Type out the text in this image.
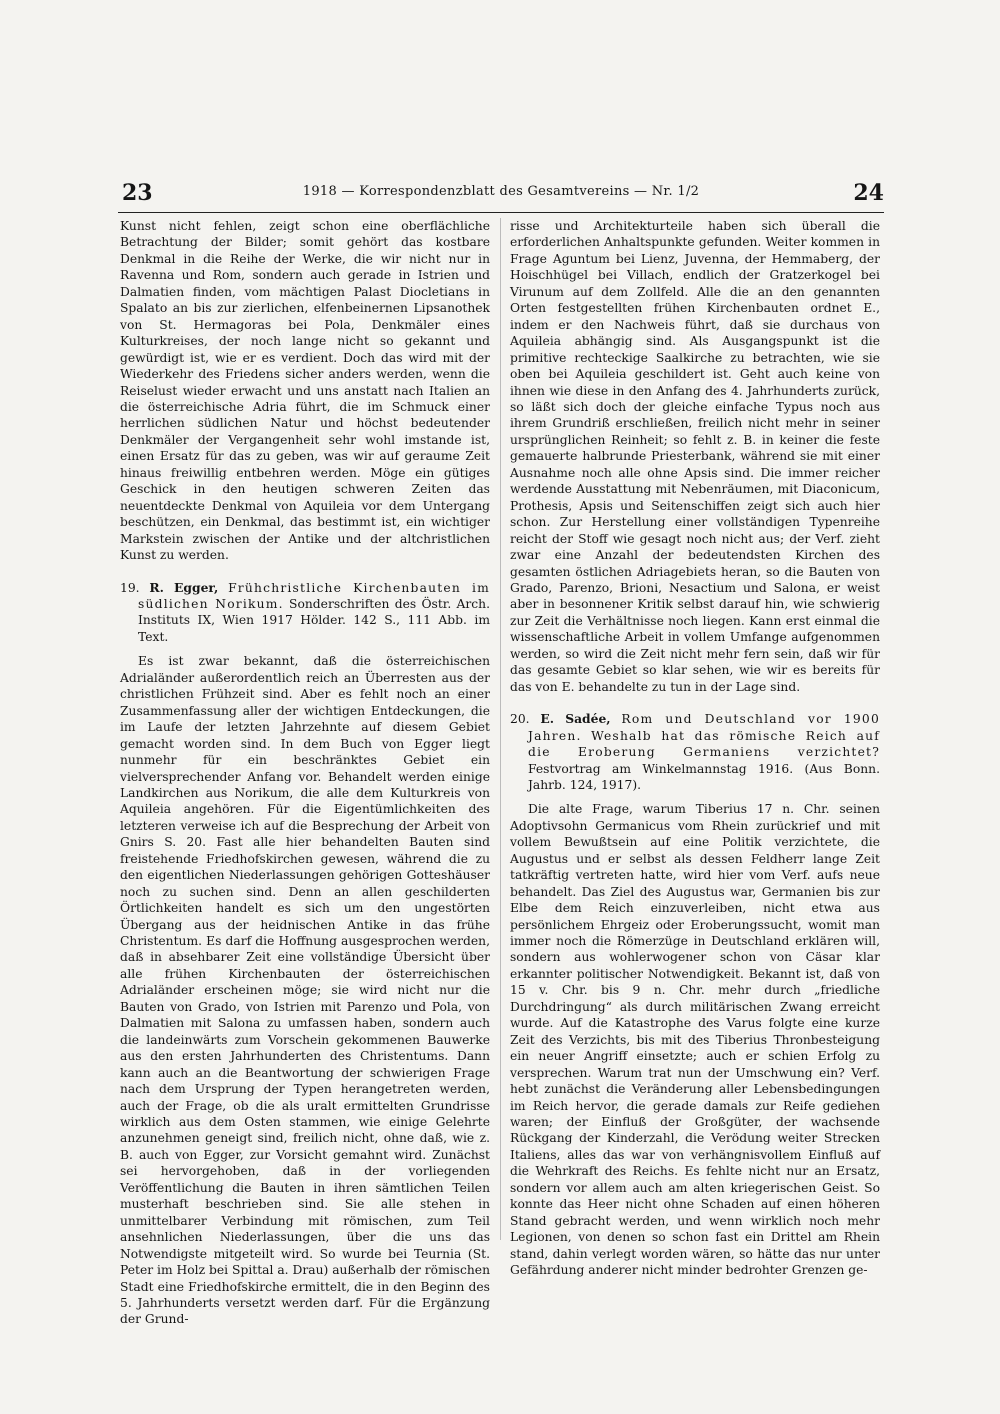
23	1918 — Korrespondenzblatt des Gesamtvereins — Nr. 1/2	24

Kunst nicht fehlen, zeigt schon eine oberflächliche Betrachtung der Bilder; somit gehört das kostbare Denkmal in die Reihe der Werke, die wir nicht nur in Ravenna und Rom, sondern auch gerade in Istrien und Dalmatien finden, vom mächtigen Palast Diocletians in Spalato an bis zur zierlichen, elfenbeinernen Lipsanothek von St. Hermagoras bei Pola, Denkmäler eines Kulturkreises, der noch lange nicht so gekannt und gewürdigt ist, wie er es verdient. Doch das wird mit der Wiederkehr des Friedens sicher anders werden, wenn die Reiselust wieder erwacht und uns anstatt nach Italien an die österreichische Adria führt, die im Schmuck einer herrlichen südlichen Natur und höchst bedeutender Denkmäler der Vergangenheit sehr wohl imstande ist, einen Ersatz für das zu geben, was wir auf geraume Zeit hinaus freiwillig entbehren werden. Möge ein gütiges Geschick in den heutigen schweren Zeiten das neuentdeckte Denkmal von Aquileia vor dem Untergang beschützen, ein Denkmal, das bestimmt ist, ein wichtiger Markstein zwischen der Antike und der altchristlichen Kunst zu werden.

19. R. Egger, Frühchristliche Kirchenbauten im südlichen Norikum. Sonderschriften des Östr. Arch. Instituts IX, Wien 1917 Hölder. 142 S., 111 Abb. im Text.

Es ist zwar bekannt, daß die österreichischen Adrialänder außerordentlich reich an Überresten aus der christlichen Frühzeit sind. Aber es fehlt noch an einer Zusammenfassung aller der wichtigen Entdeckungen, die im Laufe der letzten Jahrzehnte auf diesem Gebiet gemacht worden sind. In dem Buch von Egger liegt nunmehr für ein beschränktes Gebiet ein vielversprechender Anfang vor. Behandelt werden einige Landkirchen aus Norikum, die alle dem Kulturkreis von Aquileia angehören. Für die Eigentümlichkeiten des letzteren verweise ich auf die Besprechung der Arbeit von Gnirs S. 20. Fast alle hier behandelten Bauten sind freistehende Friedhofskirchen gewesen, während die zu den eigentlichen Niederlassungen gehörigen Gotteshäuser noch zu suchen sind. Denn an allen geschilderten Örtlichkeiten handelt es sich um den ungestörten Übergang aus der heidnischen Antike in das frühe Christentum. Es darf die Hoffnung ausgesprochen werden, daß in absehbarer Zeit eine vollständige Übersicht über alle frühen Kirchenbauten der österreichischen Adrialänder erscheinen möge; sie wird nicht nur die Bauten von Grado, von Istrien mit Parenzo und Pola, von Dalmatien mit Salona zu umfassen haben, sondern auch die landeinwärts zum Vorschein gekommenen Bauwerke aus den ersten Jahrhunderten des Christentums. Dann kann auch an die Beantwortung der schwierigen Frage nach dem Ursprung der Typen herangetreten werden, auch der Frage, ob die als uralt ermittelten Grundrisse wirklich aus dem Osten stammen, wie einige Gelehrte anzunehmen geneigt sind, freilich nicht, ohne daß, wie z. B. auch von Egger, zur Vorsicht gemahnt wird. Zunächst sei hervorgehoben, daß in der vorliegenden Veröffentlichung die Bauten in ihren sämtlichen Teilen musterhaft beschrieben sind. Sie alle stehen in unmittelbarer Verbindung mit römischen, zum Teil ansehnlichen Niederlassungen, über die uns das Notwendigste mitgeteilt wird. So wurde bei Teurnia (St. Peter im Holz bei Spittal a. Drau) außerhalb der römischen Stadt eine Friedhofskirche ermittelt, die in den Beginn des 5. Jahrhunderts versetzt werden darf. Für die Ergänzung der Grund-

risse und Architekturteile haben sich überall die erforderlichen Anhaltspunkte gefunden. Weiter kommen in Frage Aguntum bei Lienz, Juvenna, der Hemmaberg, der Hoischhügel bei Villach, endlich der Gratzerkogel bei Virunum auf dem Zollfeld. Alle die an den genannten Orten festgestellten frühen Kirchenbauten ordnet E., indem er den Nachweis führt, daß sie durchaus von Aquileia abhängig sind. Als Ausgangspunkt ist die primitive rechteckige Saalkirche zu betrachten, wie sie oben bei Aquileia geschildert ist. Geht auch keine von ihnen wie diese in den Anfang des 4. Jahrhunderts zurück, so läßt sich doch der gleiche einfache Typus noch aus ihrem Grundriß erschließen, freilich nicht mehr in seiner ursprünglichen Reinheit; so fehlt z. B. in keiner die feste gemauerte halbrunde Priesterbank, während sie mit einer Ausnahme noch alle ohne Apsis sind. Die immer reicher werdende Ausstattung mit Nebenräumen, mit Diaconicum, Prothesis, Apsis und Seitenschiffen zeigt sich auch hier schon. Zur Herstellung einer vollständigen Typenreihe reicht der Stoff wie gesagt noch nicht aus; der Verf. zieht zwar eine Anzahl der bedeutendsten Kirchen des gesamten östlichen Adriagebiets heran, so die Bauten von Grado, Parenzo, Brioni, Nesactium und Salona, er weist aber in besonnener Kritik selbst darauf hin, wie schwierig zur Zeit die Verhältnisse noch liegen. Kann erst einmal die wissenschaftliche Arbeit in vollem Umfange aufgenommen werden, so wird die Zeit nicht mehr fern sein, daß wir für das gesamte Gebiet so klar sehen, wie wir es bereits für das von E. behandelte zu tun in der Lage sind.

20. E. Sadée, Rom und Deutschland vor 1900 Jahren. Weshalb hat das römische Reich auf die Eroberung Germaniens verzichtet? Festvortrag am Winkelmannstag 1916. (Aus Bonn. Jahrb. 124, 1917).

Die alte Frage, warum Tiberius 17 n. Chr. seinen Adoptivsohn Germanicus vom Rhein zurückrief und mit vollem Bewußtsein auf eine Politik verzichtete, die Augustus und er selbst als dessen Feldherr lange Zeit tatkräftig vertreten hatte, wird hier vom Verf. aufs neue behandelt. Das Ziel des Augustus war, Germanien bis zur Elbe dem Reich einzuverleiben, nicht etwa aus persönlichem Ehrgeiz oder Eroberungssucht, womit man immer noch die Römerzüge in Deutschland erklären will, sondern aus wohlerwogener schon von Cäsar klar erkannter politischer Notwendigkeit. Bekannt ist, daß von 15 v. Chr. bis 9 n. Chr. mehr durch „friedliche Durchdringung“ als durch militärischen Zwang erreicht wurde. Auf die Katastrophe des Varus folgte eine kurze Zeit des Verzichts, bis mit des Tiberius Thronbesteigung ein neuer Angriff einsetzte; auch er schien Erfolg zu versprechen. Warum trat nun der Umschwung ein? Verf. hebt zunächst die Veränderung aller Lebensbedingungen im Reich hervor, die gerade damals zur Reife gediehen waren; der Einfluß der Großgüter, der wachsende Rückgang der Kinderzahl, die Verödung weiter Strecken Italiens, alles das war von verhängnisvollem Einfluß auf die Wehrkraft des Reichs. Es fehlte nicht nur an Ersatz, sondern vor allem auch am alten kriegerischen Geist. So konnte das Heer nicht ohne Schaden auf einen höheren Stand gebracht werden, und wenn wirklich noch mehr Legionen, von denen so schon fast ein Drittel am Rhein stand, dahin verlegt worden wären, so hätte das nur unter Gefährdung anderer nicht minder bedrohter Grenzen ge-
